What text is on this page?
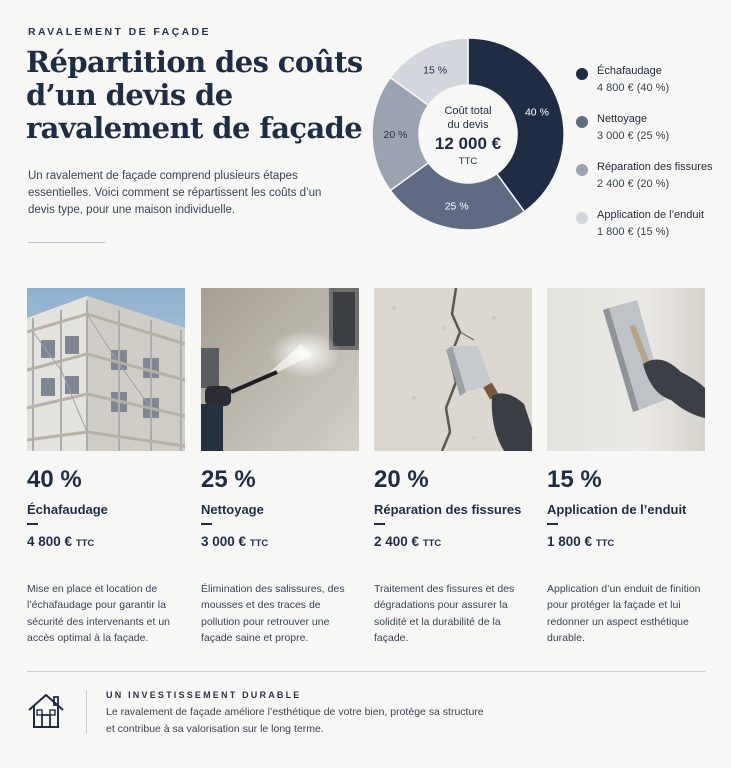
RAVALEMENT DE FAÇADE
Répartition des coûts d’un devis de ravalement de façade

Un ravalement de façade comprend plusieurs étapes essentielles. Voici comment se répartissent les coûts d’un devis type, pour une maison individuelle.

40 %
25 %
20 %
15 %
Coût total
du devis
12 000 €
TTC
Échafaudage
4 800 € (40 %)
Nettoyage
3 000 € (25 %)
Réparation des fissures
2 400 € (20 %)
Application de l’enduit
1 800 € (15 %)
40 %
Échafaudage
4 800 € TTC
Mise en place et location de l’échafaudage pour garantir la sécurité des intervenants et un accès optimal à la façade.
25 %
Nettoyage
3 000 € TTC
Élimination des salissures, des mousses et des traces de pollution pour retrouver une façade saine et propre.
20 %
Réparation des fissures
2 400 € TTC
Traitement des fissures et des dégradations pour assurer la solidité et la durabilité de la façade.
15 %
Application de l’enduit
1 800 € TTC
Application d’un enduit de finition pour protéger la façade et lui redonner un aspect esthétique durable.
UN INVESTISSEMENT DURABLE
Le ravalement de façade améliore l’esthétique de votre bien, protège sa structure et contribue à sa valorisation sur le long terme.
